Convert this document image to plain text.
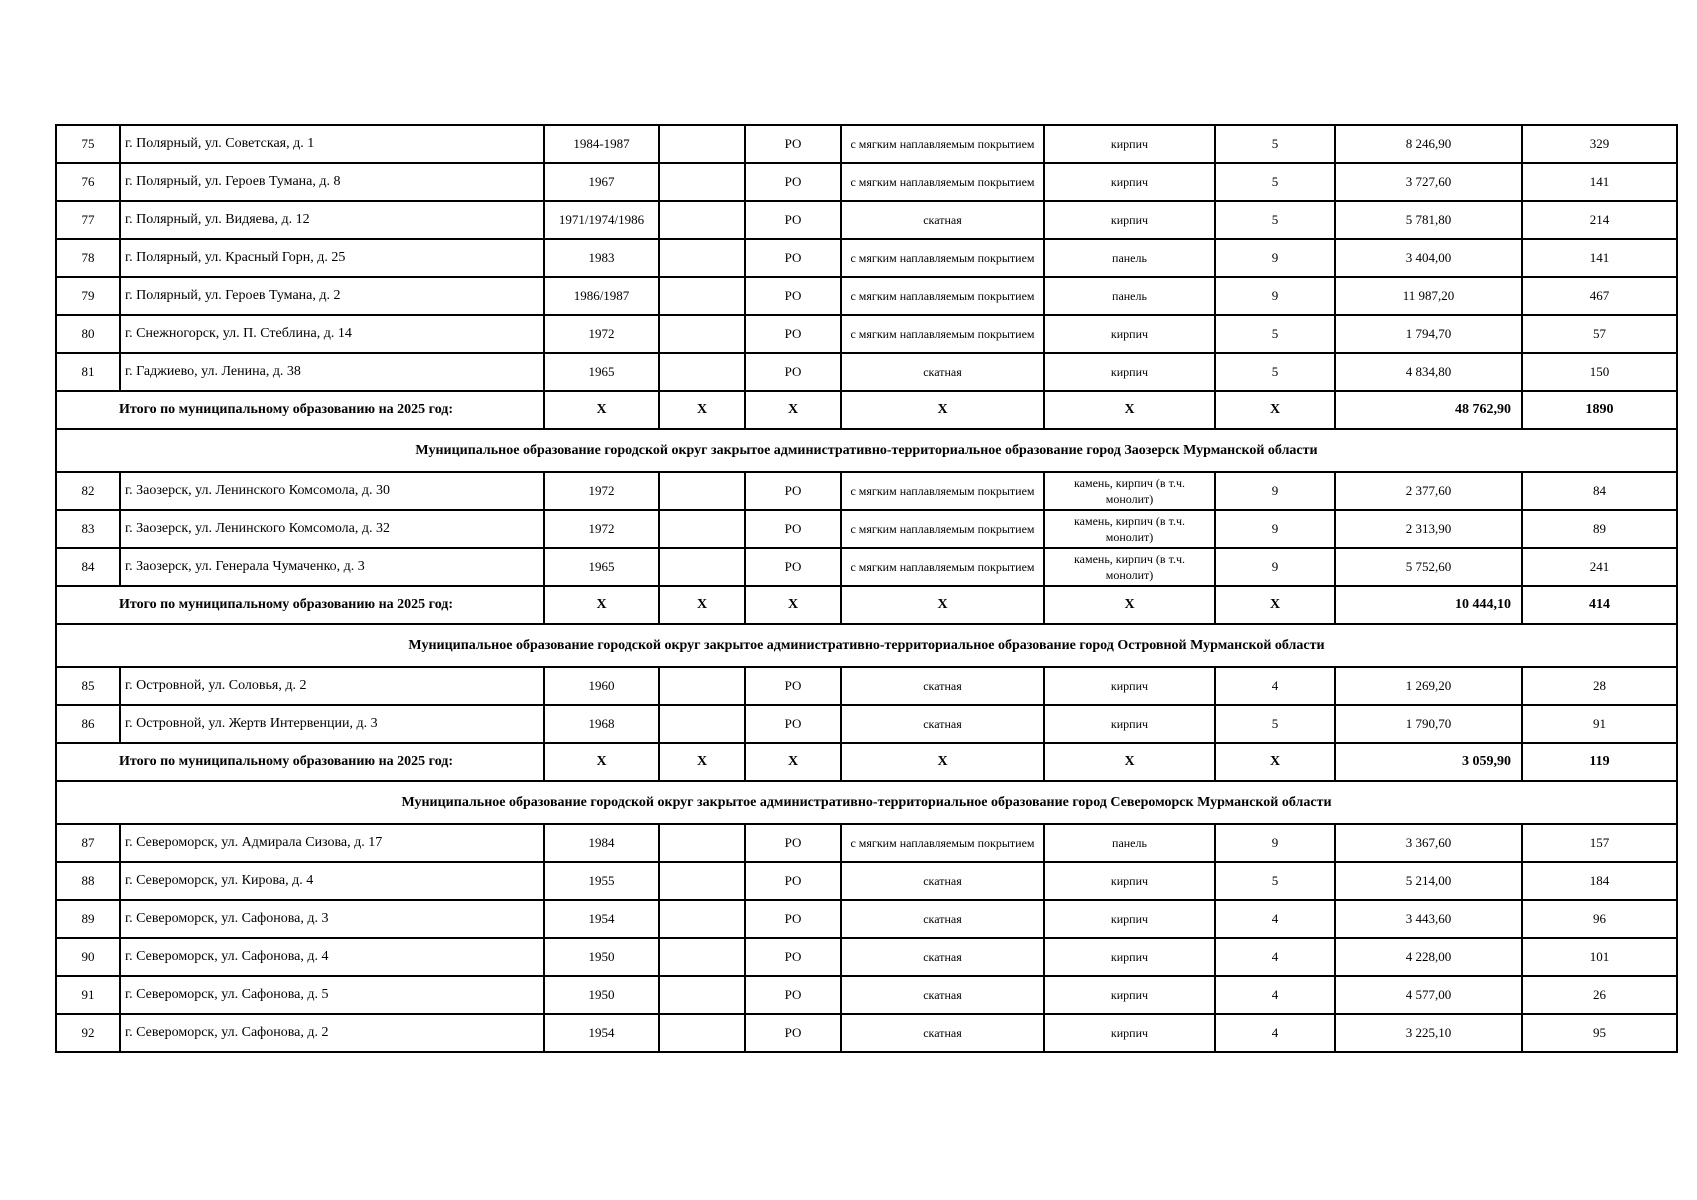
75	г. Полярный, ул. Советская, д. 1	1984-1987		РО	с мягким наплавляемым покрытием	кирпич	5	8 246,90	329
76	г. Полярный, ул. Героев Тумана, д. 8	1967		РО	с мягким наплавляемым покрытием	кирпич	5	3 727,60	141
77	г. Полярный, ул. Видяева, д. 12	1971/1974/1986		РО	скатная	кирпич	5	5 781,80	214
78	г. Полярный, ул. Красный Горн, д. 25	1983		РО	с мягким наплавляемым покрытием	панель	9	3 404,00	141
79	г. Полярный, ул. Героев Тумана, д. 2	1986/1987		РО	с мягким наплавляемым покрытием	панель	9	11 987,20	467
80	г. Снежногорск, ул. П. Стеблина, д. 14	1972		РО	с мягким наплавляемым покрытием	кирпич	5	1 794,70	57
81	г. Гаджиево, ул. Ленина, д. 38	1965		РО	скатная	кирпич	5	4 834,80	150
Итого по муниципальному образованию на 2025 год:		X	X	X	X	X	X	48 762,90	1890
Муниципальное образование городской округ закрытое административно-территориальное образование город Заозерск Мурманской области									
82	г. Заозерск, ул. Ленинского Комсомола, д. 30	1972		РО	с мягким наплавляемым покрытием	камень, кирпич (в т.ч. монолит)	9	2 377,60	84
83	г. Заозерск, ул. Ленинского Комсомола, д. 32	1972		РО	с мягким наплавляемым покрытием	камень, кирпич (в т.ч. монолит)	9	2 313,90	89
84	г. Заозерск, ул. Генерала Чумаченко, д. 3	1965		РО	с мягким наплавляемым покрытием	камень, кирпич (в т.ч. монолит)	9	5 752,60	241
Итого по муниципальному образованию на 2025 год:		X	X	X	X	X	X	10 444,10	414
Муниципальное образование городской округ закрытое административно-территориальное образование город Островной Мурманской области									
85	г. Островной, ул. Соловья, д. 2	1960		РО	скатная	кирпич	4	1 269,20	28
86	г. Островной, ул. Жертв Интервенции, д. 3	1968		РО	скатная	кирпич	5	1 790,70	91
Итого по муниципальному образованию на 2025 год:		X	X	X	X	X	X	3 059,90	119
Муниципальное образование городской округ закрытое административно-территориальное образование город Североморск Мурманской области									
87	г. Североморск, ул. Адмирала Сизова, д. 17	1984		РО	с мягким наплавляемым покрытием	панель	9	3 367,60	157
88	г. Североморск, ул. Кирова, д. 4	1955		РО	скатная	кирпич	5	5 214,00	184
89	г. Североморск, ул. Сафонова, д. 3	1954		РО	скатная	кирпич	4	3 443,60	96
90	г. Североморск, ул. Сафонова, д. 4	1950		РО	скатная	кирпич	4	4 228,00	101
91	г. Североморск, ул. Сафонова, д. 5	1950		РО	скатная	кирпич	4	4 577,00	26
92	г. Североморск, ул. Сафонова, д. 2	1954		РО	скатная	кирпич	4	3 225,10	95
